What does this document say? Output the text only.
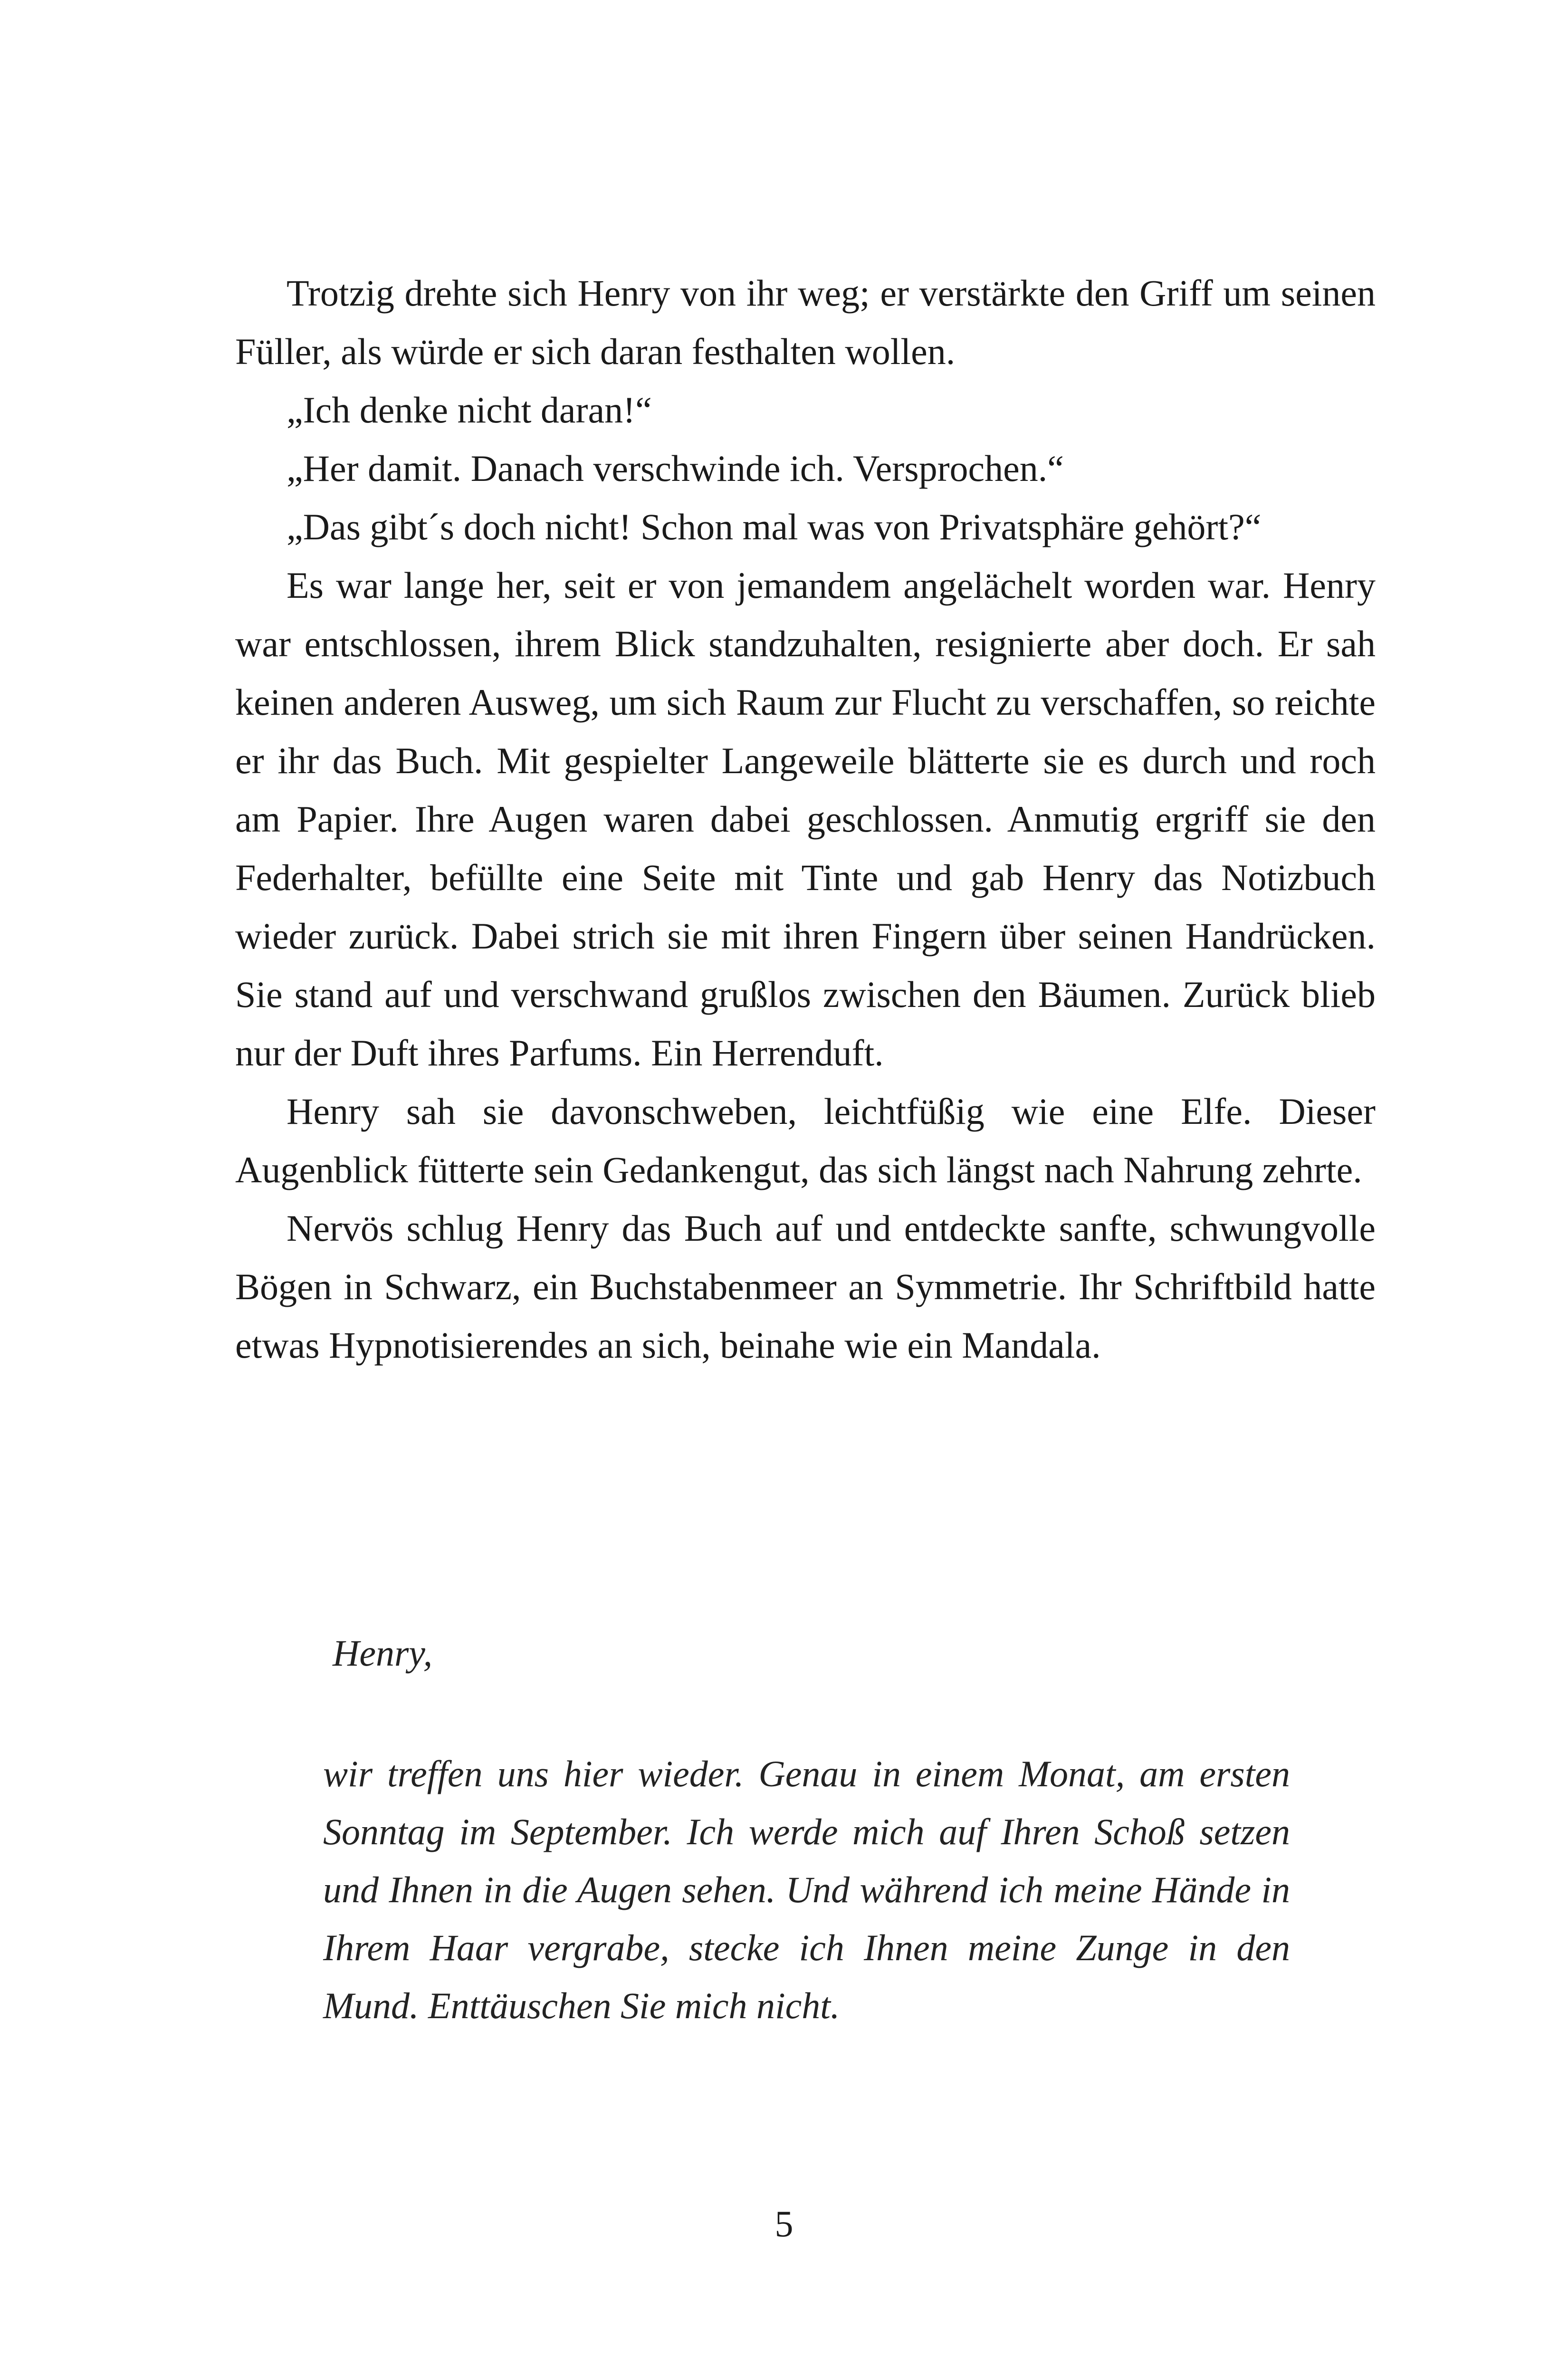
Trotzig drehte sich Henry von ihr weg; er verstärkte den Griff um seinen Füller, als würde er sich daran festhalten wollen.

„Ich denke nicht daran!“

„Her damit. Danach verschwinde ich. Versprochen.“

„Das gibt´s doch nicht! Schon mal was von Privatsphäre gehört?“

Es war lange her, seit er von jemandem angelächelt worden war. Henry war entschlossen, ihrem Blick standzuhalten, resignierte aber doch. Er sah keinen anderen Ausweg, um sich Raum zur Flucht zu verschaffen, so reichte er ihr das Buch. Mit gespielter Langeweile blätterte sie es durch und roch am Papier. Ihre Augen waren dabei geschlossen. Anmutig ergriff sie den Federhalter, befüllte eine Seite mit Tinte und gab Henry das Notizbuch wieder zurück. Dabei strich sie mit ihren Fingern über seinen Handrücken. Sie stand auf und verschwand grußlos zwischen den Bäumen. Zurück blieb nur der Duft ihres Parfums. Ein Herrenduft.

Henry sah sie davonschweben, leichtfüßig wie eine Elfe. Dieser Augenblick fütterte sein Gedankengut, das sich längst nach Nahrung zehrte.

Nervös schlug Henry das Buch auf und entdeckte sanfte, schwungvolle Bögen in Schwarz, ein Buchstabenmeer an Symmetrie. Ihr Schriftbild hatte etwas Hypnotisierendes an sich, beinahe wie ein Mandala.

Henry,

wir treffen uns hier wieder. Genau in einem Monat, am ersten Sonntag im September. Ich werde mich auf Ihren Schoß setzen und Ihnen in die Augen sehen. Und während ich meine Hände in Ihrem Haar vergrabe, stecke ich Ihnen meine Zunge in den Mund. Enttäuschen Sie mich nicht.

5
